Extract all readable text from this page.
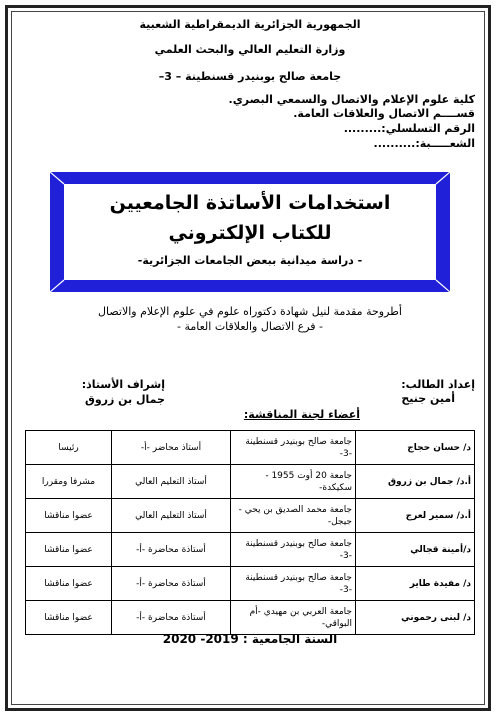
الجمهورية الجزائرية الديمقراطية الشعبية
وزارة التعليم العالي والبحث العلمي
جامعة صالح بوبنيدر قسنطينة – 3–
كلية علوم الإعلام والاتصال والسمعي البصري.
قســــم الاتصال والعلاقات العامة.
الرقم التسلسلي:.........
الشعـــــبة:..........
استخدامات الأساتذة الجامعيين
للكتاب الإلكتروني
- دراسة ميدانية ببعض الجامعات الجزائرية-
أطروحة مقدمة لنيل شهادة دكتوراه علوم في علوم الإعلام والاتصال
- فرع الاتصال والعلاقات العامة -
إعداد الطالب:
أمين جنيح
إشراف الأستاذ:
جمال بن زروق
أعضاء لجنة المناقشة:
د/ حسان حجاج	جامعة صالح بوبنيدر قسنطينة -3-	أستاذ محاضر -أ-	رئيسا
أ.د/ جمال بن زروق	جامعة 20 أوت 1955 - سكيكدة-	أستاذ التعليم العالي	مشرفا ومقررا
أ.د/ سمير لعرج	جامعة محمد الصديق بن يحي - جيجل-	أستاذ التعليم العالي	عضوا مناقشا
د/أمينة قجالي	جامعة صالح بوبنيدر قسنطينة -3-	أستاذة محاضرة -أ-	عضوا مناقشا
د/ مفيدة طاير	جامعة صالح بوبنيدر قسنطينة -3-	أستاذة محاضرة -أ-	عضوا مناقشا
د/ لبنى رحموني	جامعة العربي بن مهيدي -أم البواقي-	أستاذة محاضرة -أ-	عضوا مناقشا
السنة الجامعية : 2019- 2020
